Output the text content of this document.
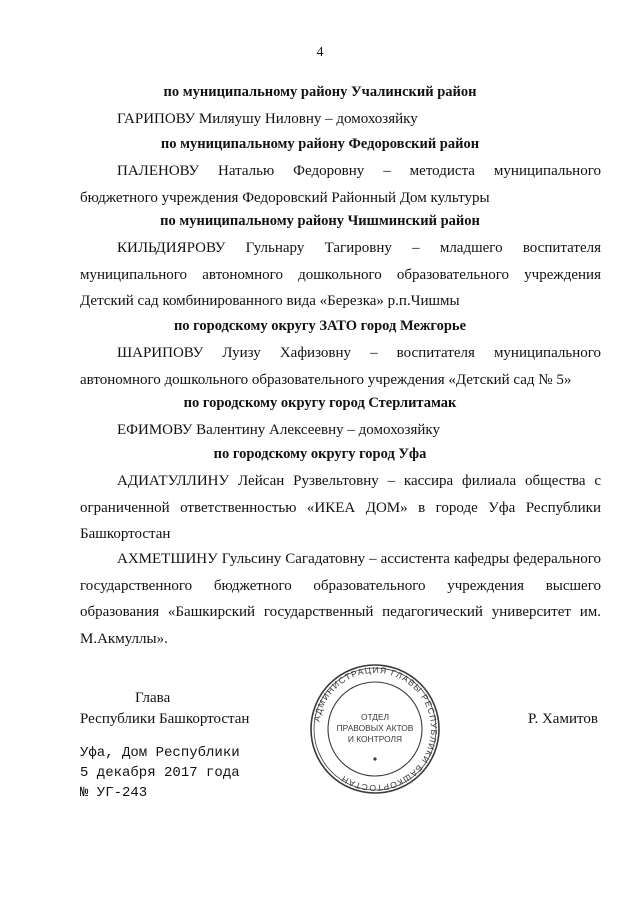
4
по муниципальному району Учалинский район
ГАРИПОВУ Миляушу Ниловну – домохозяйку
по муниципальному району Федоровский район
ПАЛЕНОВУ Наталью Федоровну – методиста муниципального бюджетного учреждения Федоровский Районный Дом культуры
по муниципальному району Чишминский район
КИЛЬДИЯРОВУ Гульнару Тагировну – младшего воспитателя муниципального автономного дошкольного образовательного учреждения Детский сад комбинированного вида «Березка» р.п.Чишмы
по городскому округу ЗАТО город Межгорье
ШАРИПОВУ Луизу Хафизовну – воспитателя муниципального автономного дошкольного образовательного учреждения «Детский сад № 5»
по городскому округу город Стерлитамак
ЕФИМОВУ Валентину Алексеевну – домохозяйку
по городскому округу город Уфа
АДИАТУЛЛИНУ Лейсан Рузвельтовну – кассира филиала общества с ограниченной ответственностью «ИКЕА ДОМ» в городе Уфа Республики Башкортостан
АХМЕТШИНУ Гульсину Сагадатовну – ассистента кафедры федерального государственного бюджетного образовательного учреждения высшего образования «Башкирский государственный педагогический университет им. М.Акмуллы».
Глава
Республики Башкортостан	Р. Хамитов
Уфа, Дом Республики
5 декабря 2017 года
№ УГ-243
АДМИНИСТРАЦИЯ ГЛАВЫ РЕСПУБЛИКИ БАШКОРТОСТАН
ОТДЕЛ
ПРАВОВЫХ АКТОВ
И КОНТРОЛЯ
